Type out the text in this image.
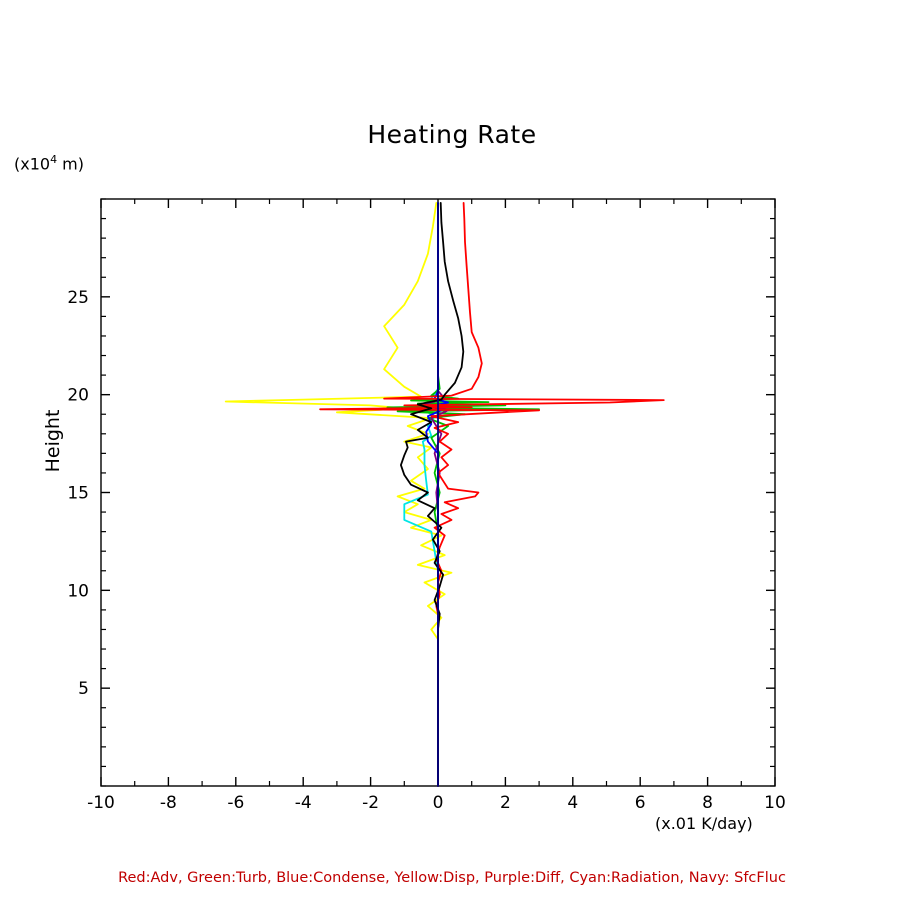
Heating Rate
($x10^4$ m)
Height
(x.01 K/day)
-10	-8	-6	-4	-2	0	2	4	6	8	10
5
10
15
20
25
Red:Adv, Green:Turb, Blue:Condense, Yellow:Disp, Purple:Diff, Cyan:Radiation, Navy: SfcFluc
